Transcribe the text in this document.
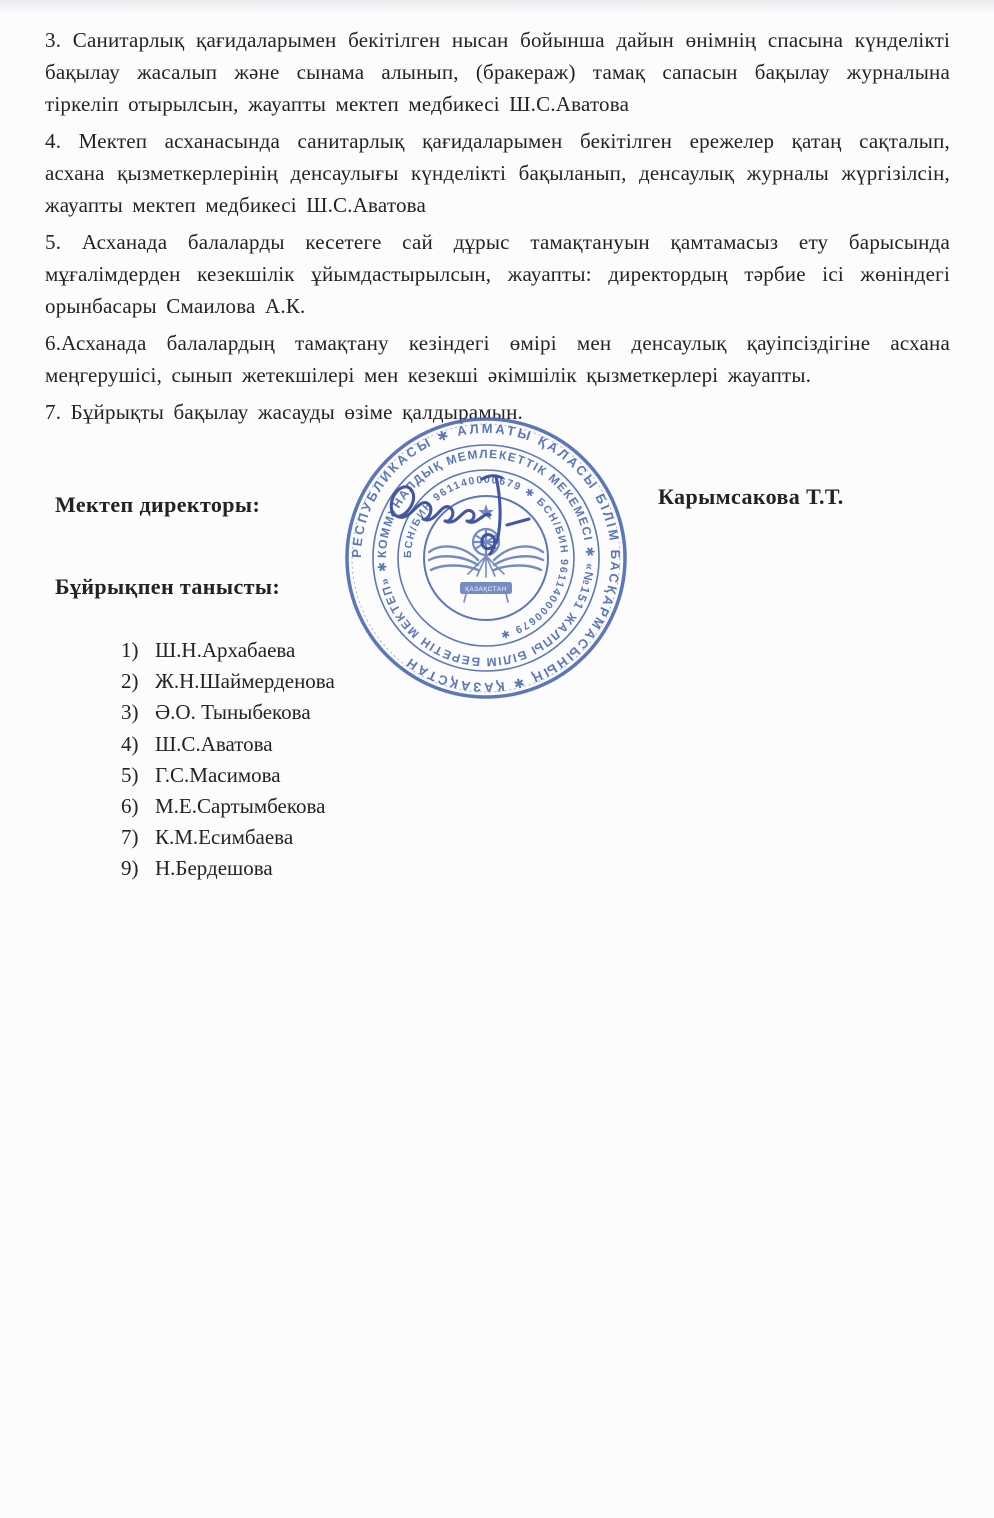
3. Санитарлық қағидаларымен бекітілген нысан бойынша дайын өнімнің спасына күнделікті бақылау жасалып және сынама алынып, (бракераж) тамақ сапасын бақылау журналына тіркеліп отырылсын, жауапты мектеп медбикесі Ш.С.Аватова

4. Мектеп асханасында санитарлық қағидаларымен бекітілген ережелер қатаң сақталып, асхана қызметкерлерінің денсаулығы күнделікті бақыланып, денсаулық журналы жүргізілсін, жауапты мектеп медбикесі Ш.С.Аватова

5. Асханада балаларды кесетеге сай дұрыс тамақтануын қамтамасыз ету барысында мұғалімдерден кезекшілік ұйымдастырылсын, жауапты: директордың тәрбие ісі жөніндегі орынбасары Смаилова А.К.

6.Асханада балалардың тамақтану кезіндегі өмірі мен денсаулық қауіпсіздігіне асхана меңгерушісі, сынып жетекшілері мен кезекші әкімшілік қызметкерлері жауапты.

7. Бұйрықты бақылау жасауды өзіме қалдырамын.

Мектеп директоры:	Карымсакова Т.Т.
Бұйрықпен танысты:
РЕСПУБЛИКАСЫ ✱ АЛМАТЫ ҚАЛАСЫ БІЛІМ БАСҚАРМАСЫНЫҢ ✱ ҚАЗАҚСТАН
КОММУНАЛДЫҚ МЕМЛЕКЕТТІК МЕКЕМЕСІ ✱ «№151 ЖАЛПЫ БІЛІМ БЕРЕТІН МЕКТЕП» ✱
БСН/БИН 961140000679 ✱ БСН/БИН 961140000679 ✱
ҚАЗАҚСТАН
1) Ш.Н.Архабаева
2) Ж.Н.Шаймерденова
3) Ә.О. Тыныбекова
4) Ш.С.Аватова
5) Г.С.Масимова
6) М.Е.Сартымбекова
7) К.М.Есимбаева
9) Н.Бердешова
